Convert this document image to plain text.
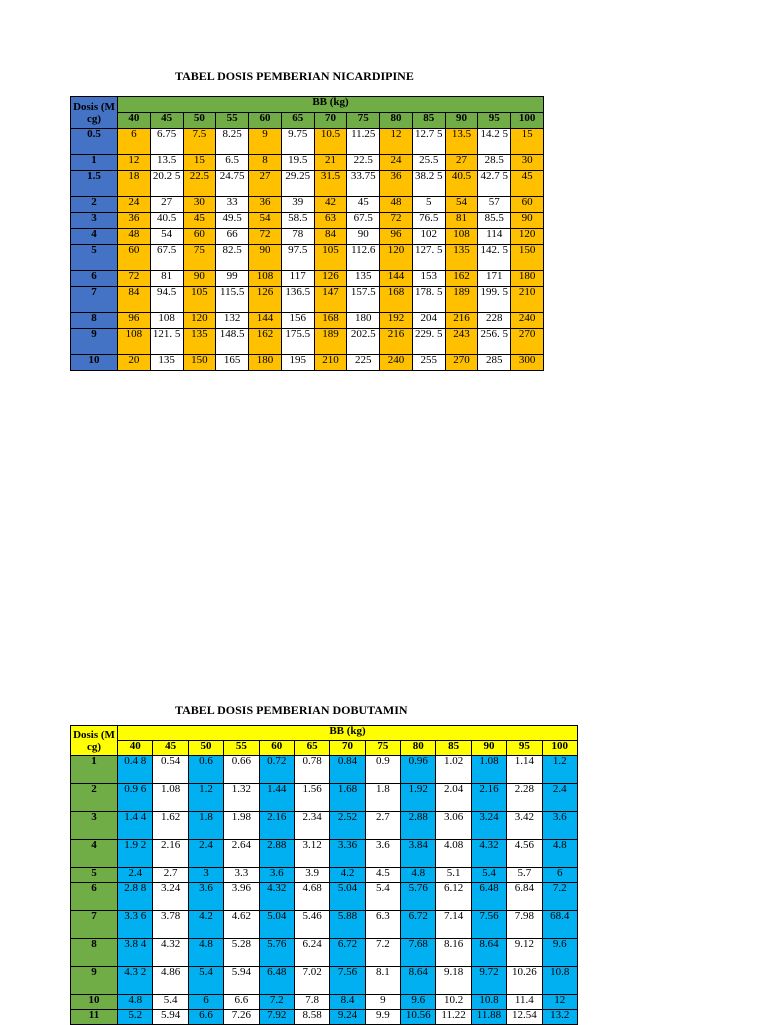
TABEL DOSIS PEMBERIAN NICARDIPINE
Dosis (Mcg)	BB (kg)												
	40	45	50	55	60	65	70	75	80	85	90	95	100
0.5	6	6.75	7.5	8.25	9	9.75	10.5	11.25	12	12.7 5	13.5	14.2 5	15
1	12	13.5	15	6.5	8	19.5	21	22.5	24	25.5	27	28.5	30
1.5	18	20.2 5	22.5	24.75	27	29.25	31.5	33.75	36	38.2 5	40.5	42.7 5	45
2	24	27	30	33	36	39	42	45	48	5	54	57	60
3	36	40.5	45	49.5	54	58.5	63	67.5	72	76.5	81	85.5	90
4	48	54	60	66	72	78	84	90	96	102	108	114	120
5	60	67.5	75	82.5	90	97.5	105	112.6	120	127. 5	135	142. 5	150
6	72	81	90	99	108	117	126	135	144	153	162	171	180
7	84	94.5	105	115.5	126	136.5	147	157.5	168	178. 5	189	199. 5	210
8	96	108	120	132	144	156	168	180	192	204	216	228	240
9	108	121. 5	135	148.5	162	175.5	189	202.5	216	229. 5	243	256. 5	270
10	20	135	150	165	180	195	210	225	240	255	270	285	300
TABEL DOSIS PEMBERIAN DOBUTAMIN
Dosis (Mcg)	BB (kg)												
	40	45	50	55	60	65	70	75	80	85	90	95	100
1	0.4 8	0.54	0.6	0.66	0.72	0.78	0.84	0.9	0.96	1.02	1.08	1.14	1.2
2	0.9 6	1.08	1.2	1.32	1.44	1.56	1.68	1.8	1.92	2.04	2.16	2.28	2.4
3	1.4 4	1.62	1.8	1.98	2.16	2.34	2.52	2.7	2.88	3.06	3.24	3.42	3.6
4	1.9 2	2.16	2.4	2.64	2.88	3.12	3.36	3.6	3.84	4.08	4.32	4.56	4.8
5	2.4	2.7	3	3.3	3.6	3.9	4.2	4.5	4.8	5.1	5.4	5.7	6
6	2.8 8	3.24	3.6	3.96	4.32	4.68	5.04	5.4	5.76	6.12	6.48	6.84	7.2
7	3.3 6	3.78	4.2	4.62	5.04	5.46	5.88	6.3	6.72	7.14	7.56	7.98	68.4
8	3.8 4	4.32	4.8	5.28	5.76	6.24	6.72	7.2	7.68	8.16	8.64	9.12	9.6
9	4.3 2	4.86	5.4	5.94	6.48	7.02	7.56	8.1	8.64	9.18	9.72	10.26	10.8
10	4.8	5.4	6	6.6	7.2	7.8	8.4	9	9.6	10.2	10.8	11.4	12
11	5.2	5.94	6.6	7.26	7.92	8.58	9.24	9.9	10.56	11.22	11.88	12.54	13.2
